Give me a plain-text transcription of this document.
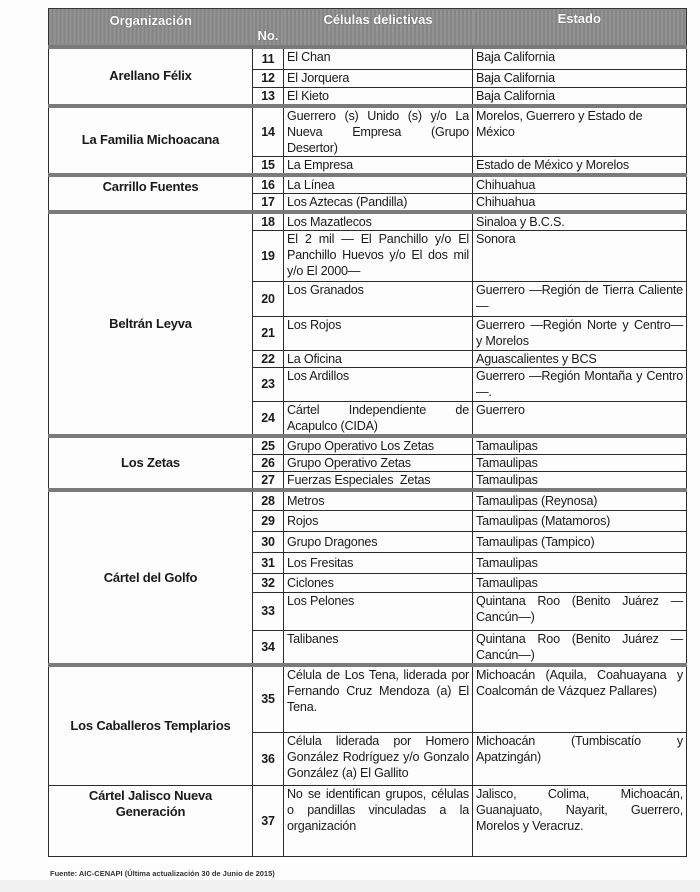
Organización	No.	Células delictivas	Estado
Arellano Félix	11	El Chan	Baja California
	12	El Jorquera	Baja California
	13	El Kieto	Baja California
La Familia Michoacana	14	Guerrero (s) Unido (s) y/o La Nueva Empresa (Grupo Desertor)	Morelos, Guerrero y Estado de México
	15	La Empresa	Estado de México y Morelos
Carrillo Fuentes	16	La Línea	Chihuahua
	17	Los Aztecas (Pandilla)	Chihuahua
Beltrán Leyva	18	Los Mazatlecos	Sinaloa y B.C.S.
	19	El 2 mil — El Panchillo y/o El Panchillo Huevos y/o El dos mil y/o El 2000—	Sonora
	20	Los Granados	Guerrero —Región de Tierra Caliente—
	21	Los Rojos	Guerrero —Región Norte y Centro— y Morelos
	22	La Oficina	Aguascalientes y BCS
	23	Los Ardillos	Guerrero —Región Montaña y Centro—.
	24	Cártel Independiente de Acapulco (CIDA)	Guerrero
Los Zetas	25	Grupo Operativo Los Zetas	Tamaulipas
	26	Grupo Operativo Zetas	Tamaulipas
	27	Fuerzas Especiales  Zetas	Tamaulipas
Cártel del Golfo	28	Metros	Tamaulipas (Reynosa)
	29	Rojos	Tamaulipas (Matamoros)
	30	Grupo Dragones	Tamaulipas (Tampico)
	31	Los Fresitas	Tamaulipas
	32	Ciclones	Tamaulipas
	33	Los Pelones	Quintana Roo (Benito Juárez —Cancún—)
	34	Talibanes	Quintana Roo (Benito Juárez —Cancún—)
Los Caballeros Templarios	35	Célula de Los Tena, liderada por Fernando Cruz Mendoza (a) El Tena.	Michoacán (Aquila, Coahuayana y Coalcomán de Vázquez Pallares)
	36	Célula liderada por Homero González Rodríguez y/o Gonzalo González (a) El Gallito	Michoacán (Tumbiscatío y Apatzingán)
Cártel Jalisco Nueva Generación	37	No se identifican grupos, células o pandillas vinculadas a la organización	Jalisco, Colima, Michoacán, Guanajuato, Nayarit, Guerrero, Morelos y Veracruz.
Fuente: AIC-CENAPI (Última actualización 30 de Junio de 2015)
